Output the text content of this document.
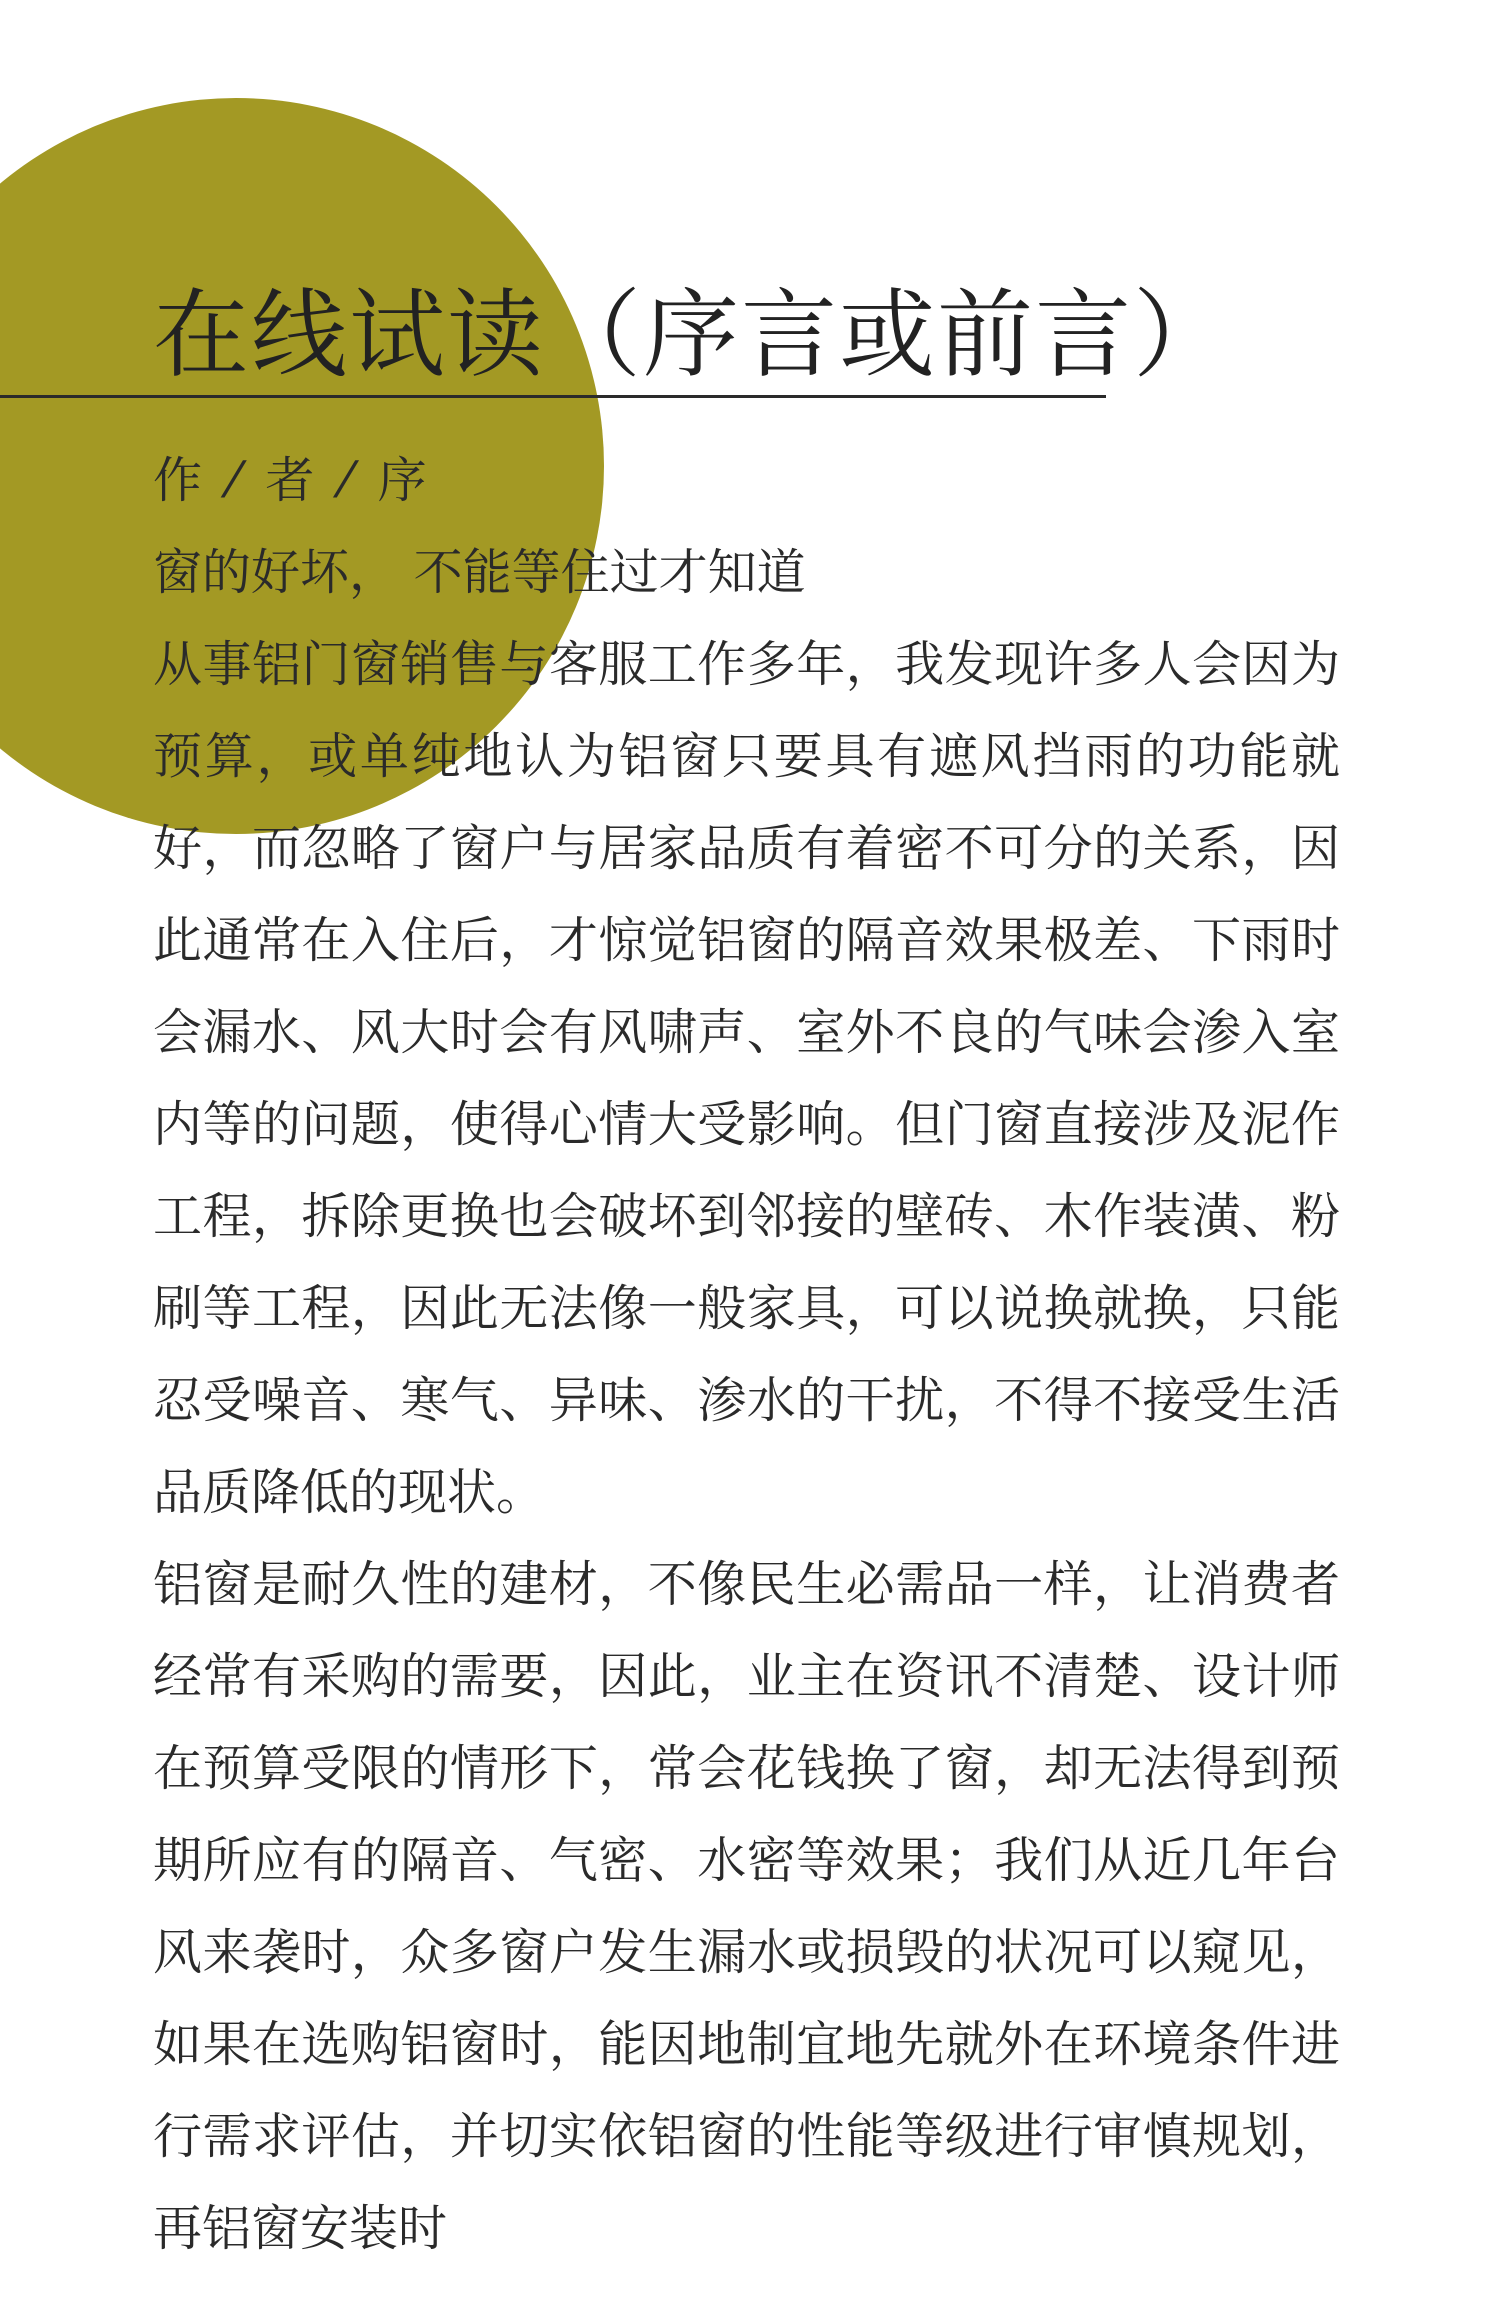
在线试读（序言或前言）

作 ⁄ 者 ⁄ 序

窗的好坏， 不能等住过才知道

从事铝门窗销售与客服工作多年，我发现许多人会因为预算，或单纯地认为铝窗只要具有遮风挡雨的功能就好，而忽略了窗户与居家品质有着密不可分的关系，因此通常在入住后，才惊觉铝窗的隔音效果极差、下雨时会漏水、风大时会有风啸声、室外不良的气味会渗入室内等的问题，使得心情大受影响。但门窗直接涉及泥作工程，拆除更换也会破坏到邻接的壁砖、木作装潢、粉刷等工程，因此无法像一般家具，可以说换就换，只能忍受噪音、寒气、异味、渗水的干扰，不得不接受生活品质降低的现状。

铝窗是耐久性的建材，不像民生必需品一样，让消费者经常有采购的需要，因此，业主在资讯不清楚、设计师在预算受限的情形下，常会花钱换了窗，却无法得到预期所应有的隔音、气密、水密等效果；我们从近几年台风来袭时，众多窗户发生漏水或损毁的状况可以窥见，如果在选购铝窗时，能因地制宜地先就外在环境条件进行需求评估，并切实依铝窗的性能等级进行审慎规划，再铝窗安装时
